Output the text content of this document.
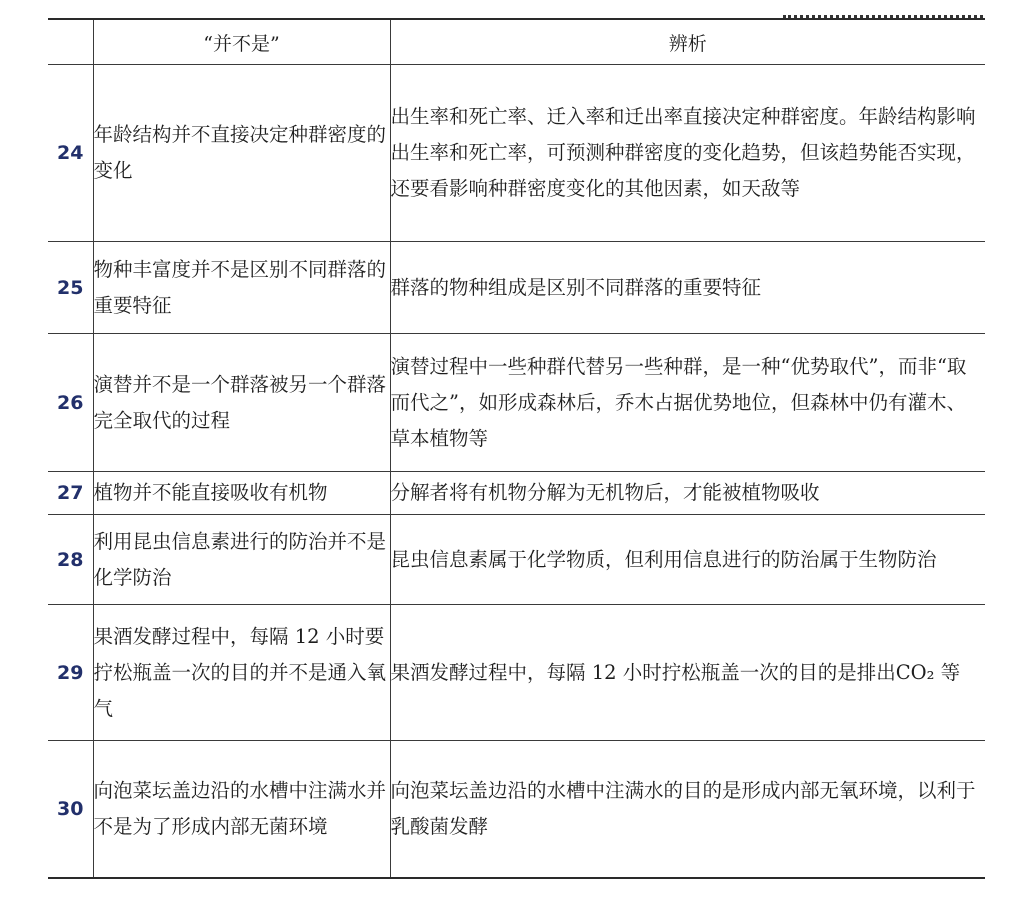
	“并不是”	辨析
24	年龄结构并不直接决定种群密度的变化	出生率和死亡率、迁入率和迁出率直接决定种群密度。年龄结构影响出生率和死亡率，可预测种群密度的变化趋势，但该趋势能否实现，还要看影响种群密度变化的其他因素，如天敌等
25	物种丰富度并不是区别不同群落的重要特征	群落的物种组成是区别不同群落的重要特征
26	演替并不是一个群落被另一个群落完全取代的过程	演替过程中一些种群代替另一些种群，是一种“优势取代”，而非“取而代之”，如形成森林后，乔木占据优势地位，但森林中仍有灌木、草本植物等
27	植物并不能直接吸收有机物	分解者将有机物分解为无机物后，才能被植物吸收
28	利用昆虫信息素进行的防治并不是化学防治	昆虫信息素属于化学物质，但利用信息进行的防治属于生物防治
29	果酒发酵过程中，每隔 12 小时要拧松瓶盖一次的目的并不是通入氧气	果酒发酵过程中，每隔 12 小时拧松瓶盖一次的目的是排出CO₂ 等
30	向泡菜坛盖边沿的水槽中注满水并不是为了形成内部无菌环境	向泡菜坛盖边沿的水槽中注满水的目的是形成内部无氧环境，以利于乳酸菌发酵
